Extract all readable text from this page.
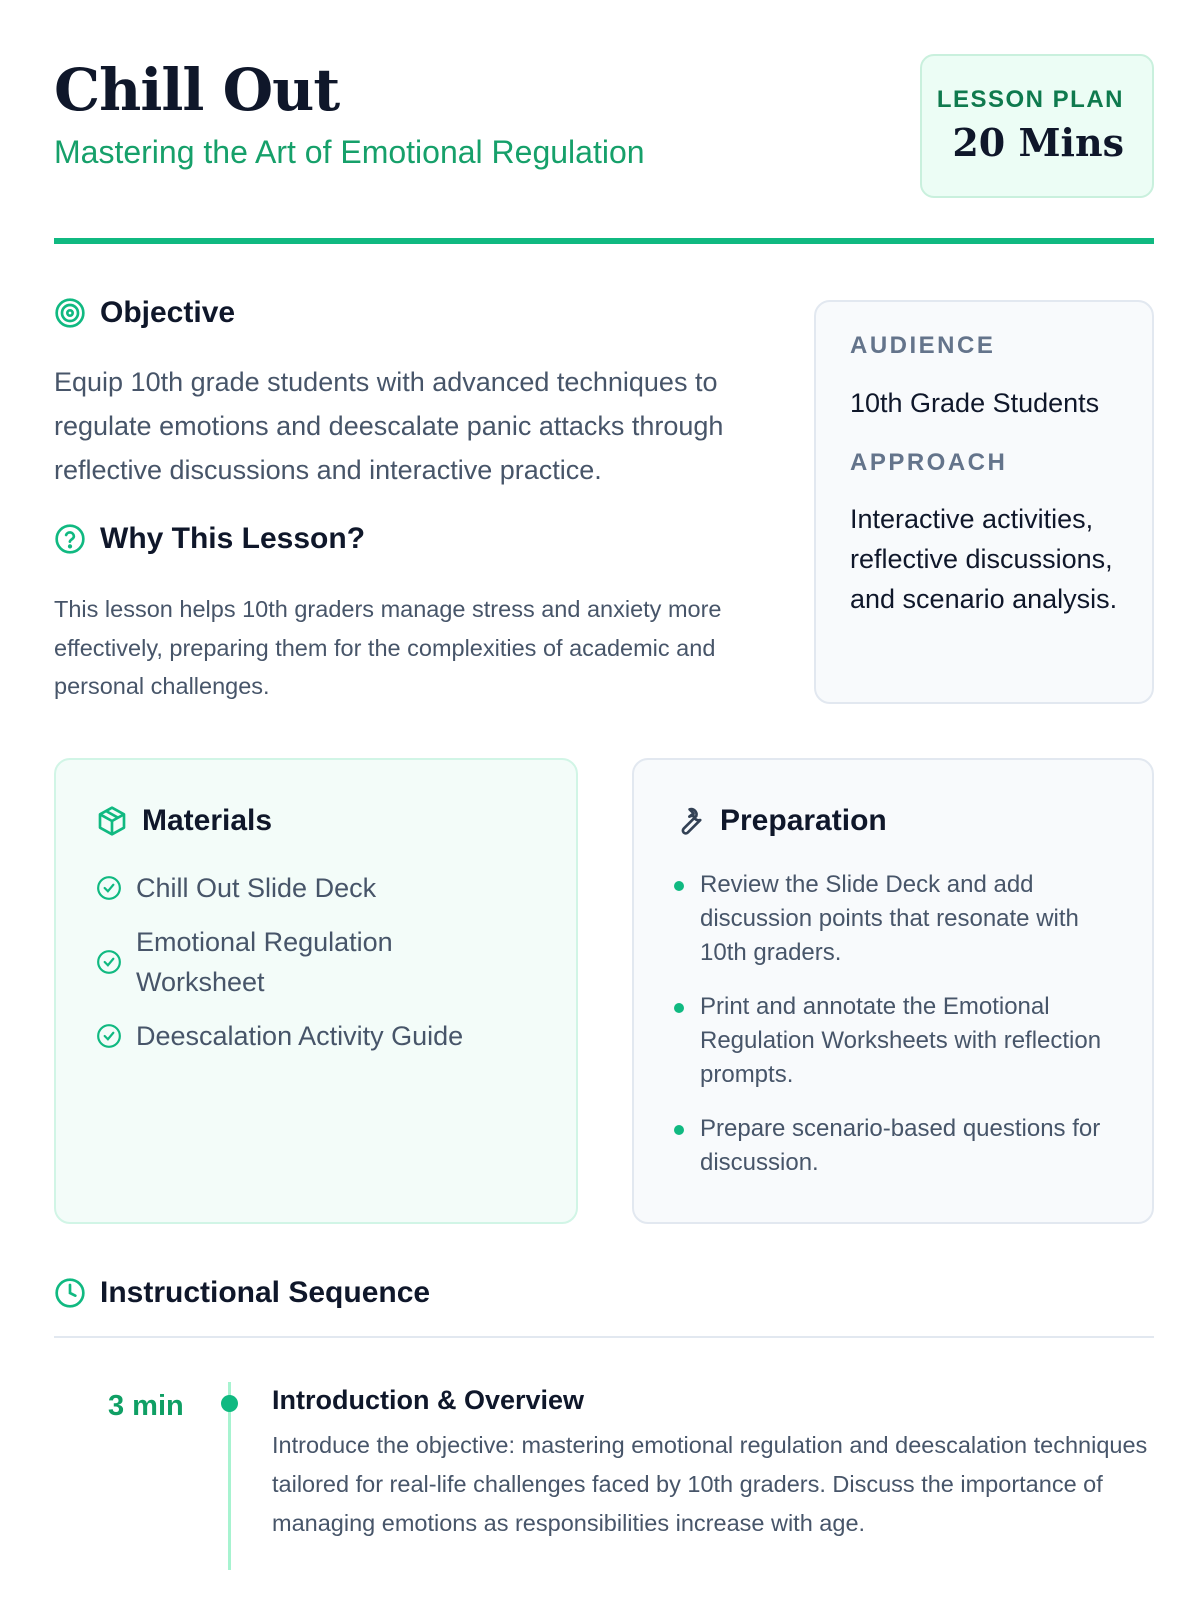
Chill Out
Mastering the Art of Emotional Regulation
LESSON PLAN
20 Mins
Objective

Equip 10th grade students with advanced techniques to regulate emotions and deescalate panic attacks through reflective discussions and interactive practice.

Why This Lesson?

This lesson helps 10th graders manage stress and anxiety more effectively, preparing them for the complexities of academic and personal challenges.

AUDIENCE
10th Grade Students
APPROACH
Interactive activities, reflective discussions, and scenario analysis.
Materials
Chill Out Slide Deck
Emotional Regulation Worksheet
Deescalation Activity Guide
Preparation
Review the Slide Deck and add discussion points that resonate with 10th graders.
Print and annotate the Emotional Regulation Worksheets with reflection prompts.
Prepare scenario-based questions for discussion.
Instructional Sequence
3 min	Introduction & Overview

Introduce the objective: mastering emotional regulation and deescalation techniques tailored for real-life challenges faced by 10th graders. Discuss the importance of managing emotions as responsibilities increase with age.
